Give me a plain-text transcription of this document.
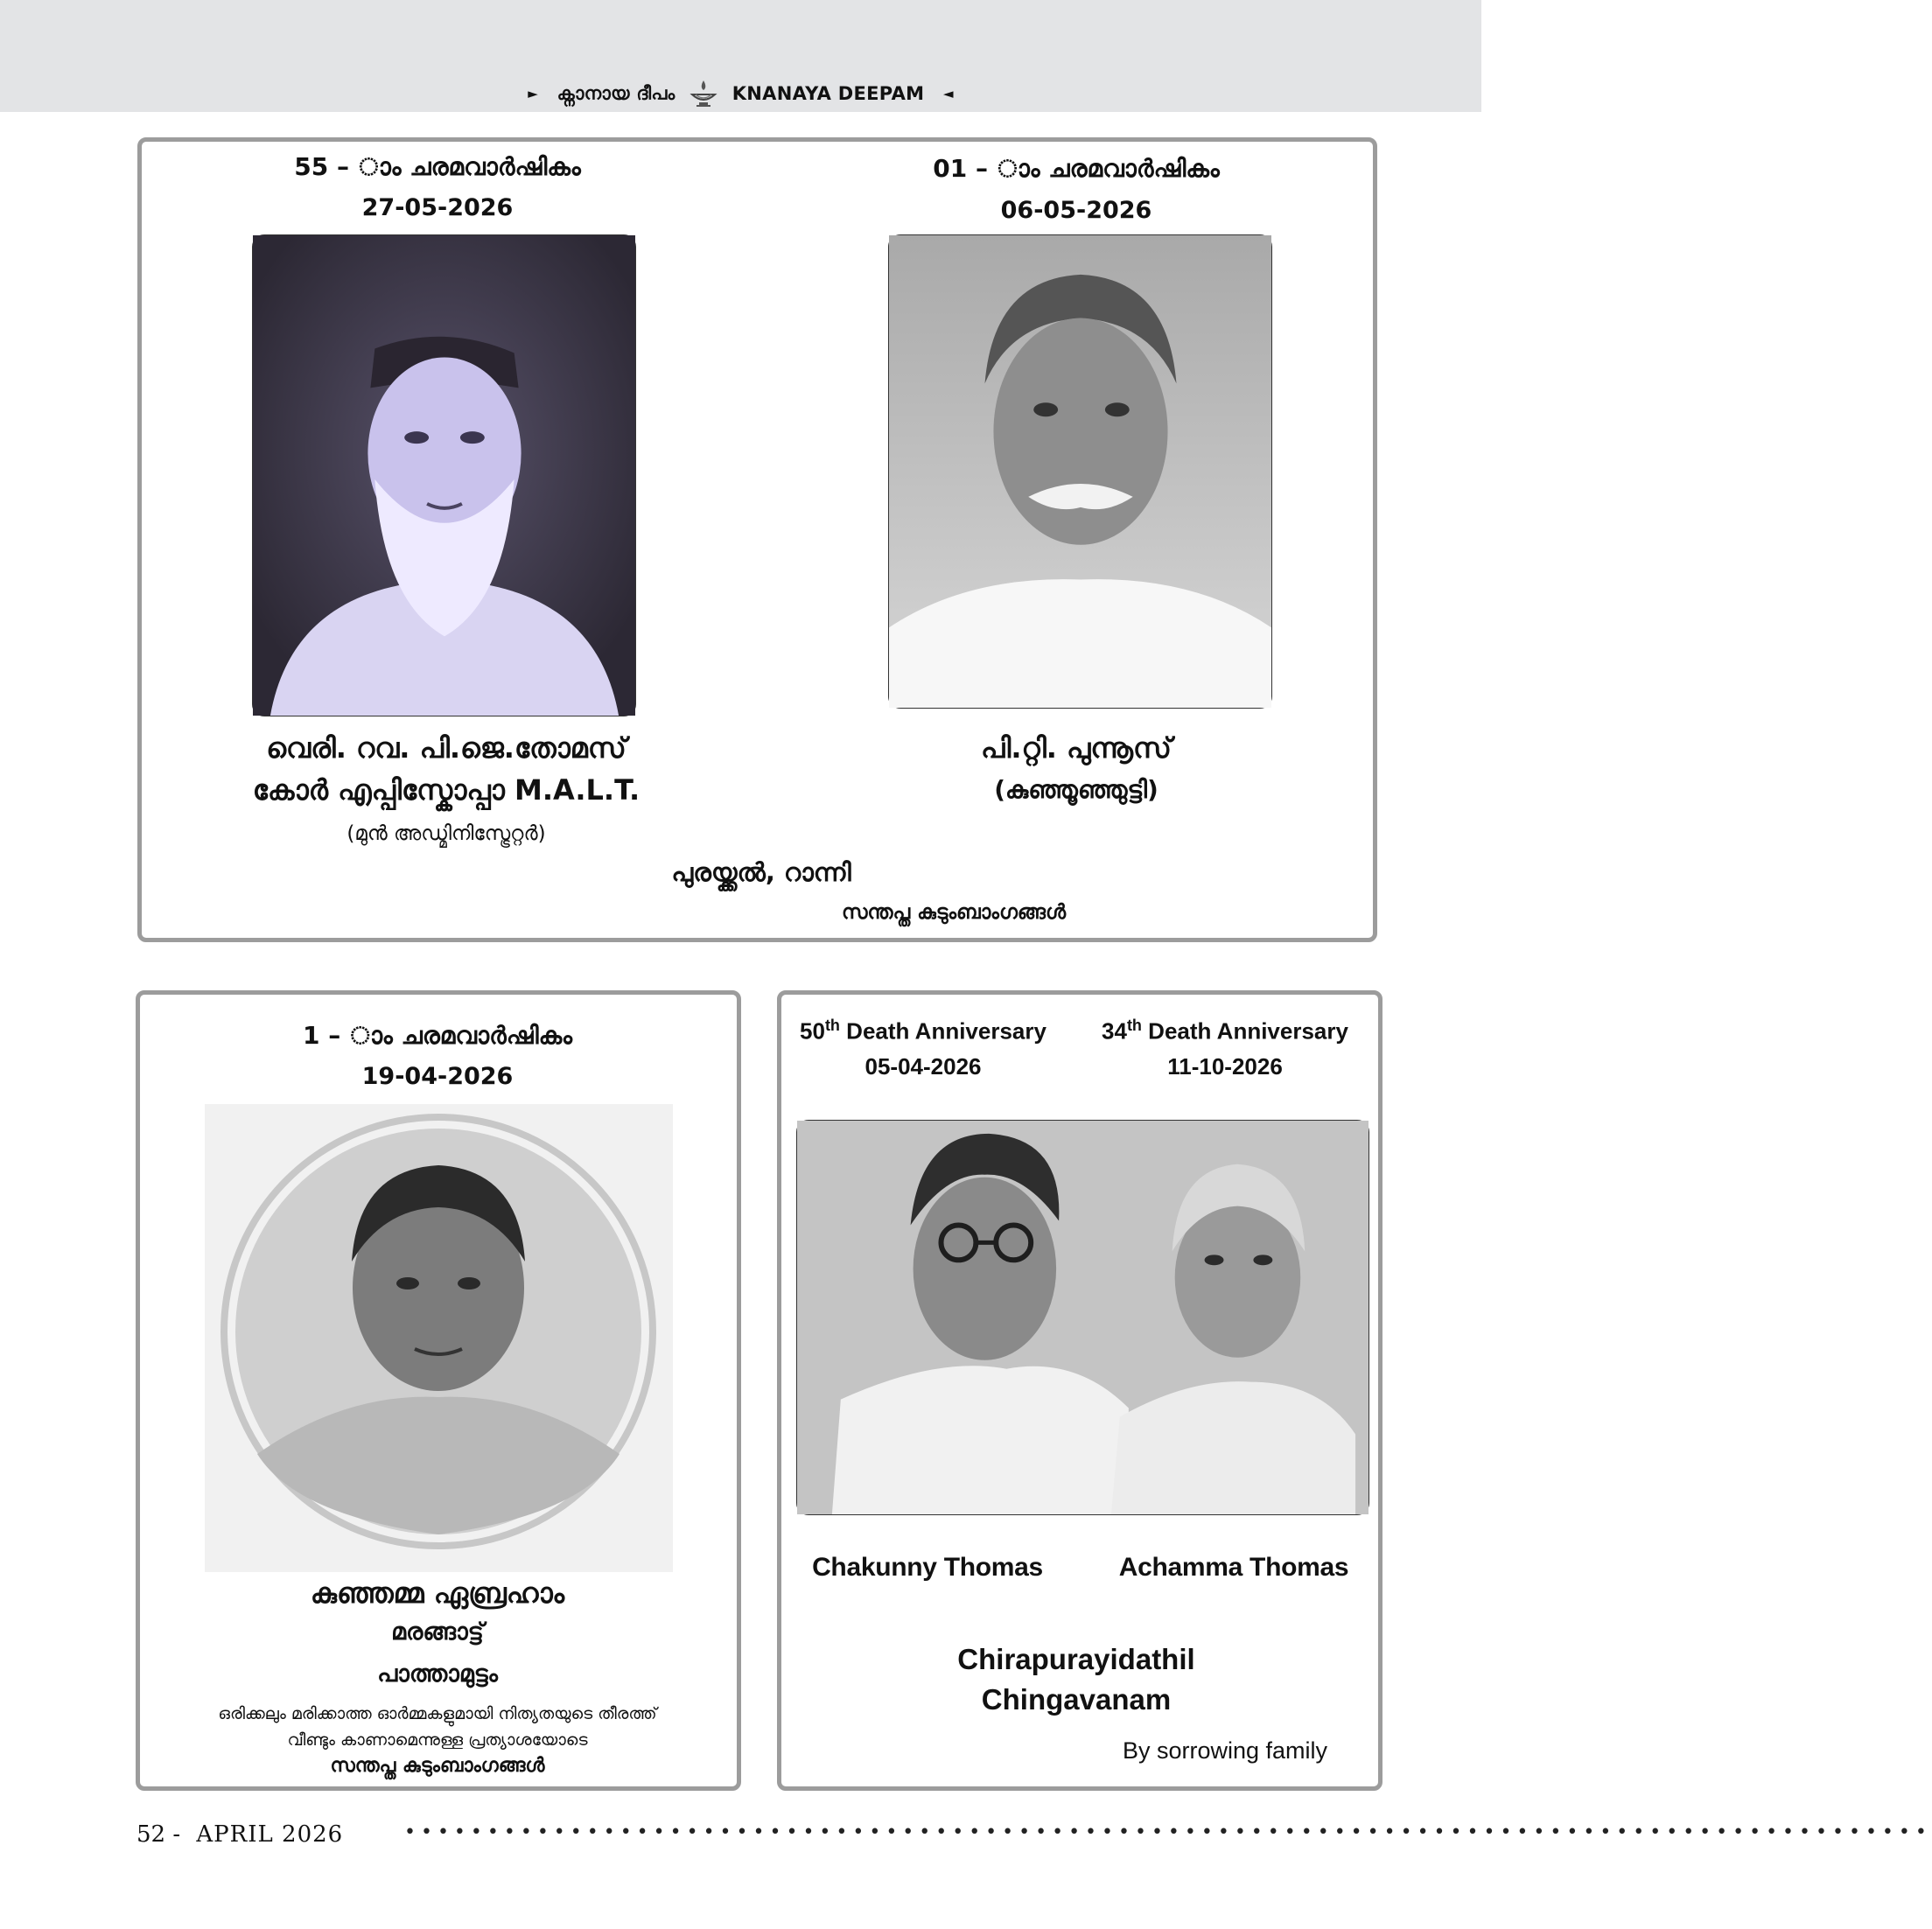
► ക്നാനായ ദീപം	KNANAYA DEEPAM ◄
55 – ാം ചരമവാർഷികം
27-05-2026
01 – ാം ചരമവാർഷികം
06-05-2026
വെരി. റവ. പി.ജെ.തോമസ്
കോർ എപ്പിസ്കോപ്പാ M.A.L.T.
(മുൻ അഡ്മിനിസ്ട്രേറ്റർ)
പി.റ്റി. പുന്നൂസ്
(കുഞ്ഞൂഞ്ഞുട്ടി)
പുരയ്ക്കൽ, റാന്നി
സന്തപ്ത കുടുംബാംഗങ്ങൾ
1 – ാം ചരമവാർഷികം
19-04-2026
കുഞ്ഞമ്മ ഏബ്രഹാം
മരങ്ങാട്ട്
പാത്താമുട്ടം
ഒരിക്കലും മരിക്കാത്ത ഓർമ്മകളുമായി നിത്യതയുടെ തീരത്ത്
വീണ്ടും കാണാമെന്നുള്ള പ്രത്യാശയോടെ
സന്തപ്ത കുടുംബാംഗങ്ങൾ
50th Death Anniversary
05-04-2026
34th Death Anniversary
11-10-2026
Chakunny Thomas	Achamma Thomas
Chirapurayidathil
Chingavanam
By sorrowing family
52 - APRIL 2026	••••••••••••••••••••••••••••••••••••••••••••••••••••••••••••••••••••••••••••••••••••••••••••
